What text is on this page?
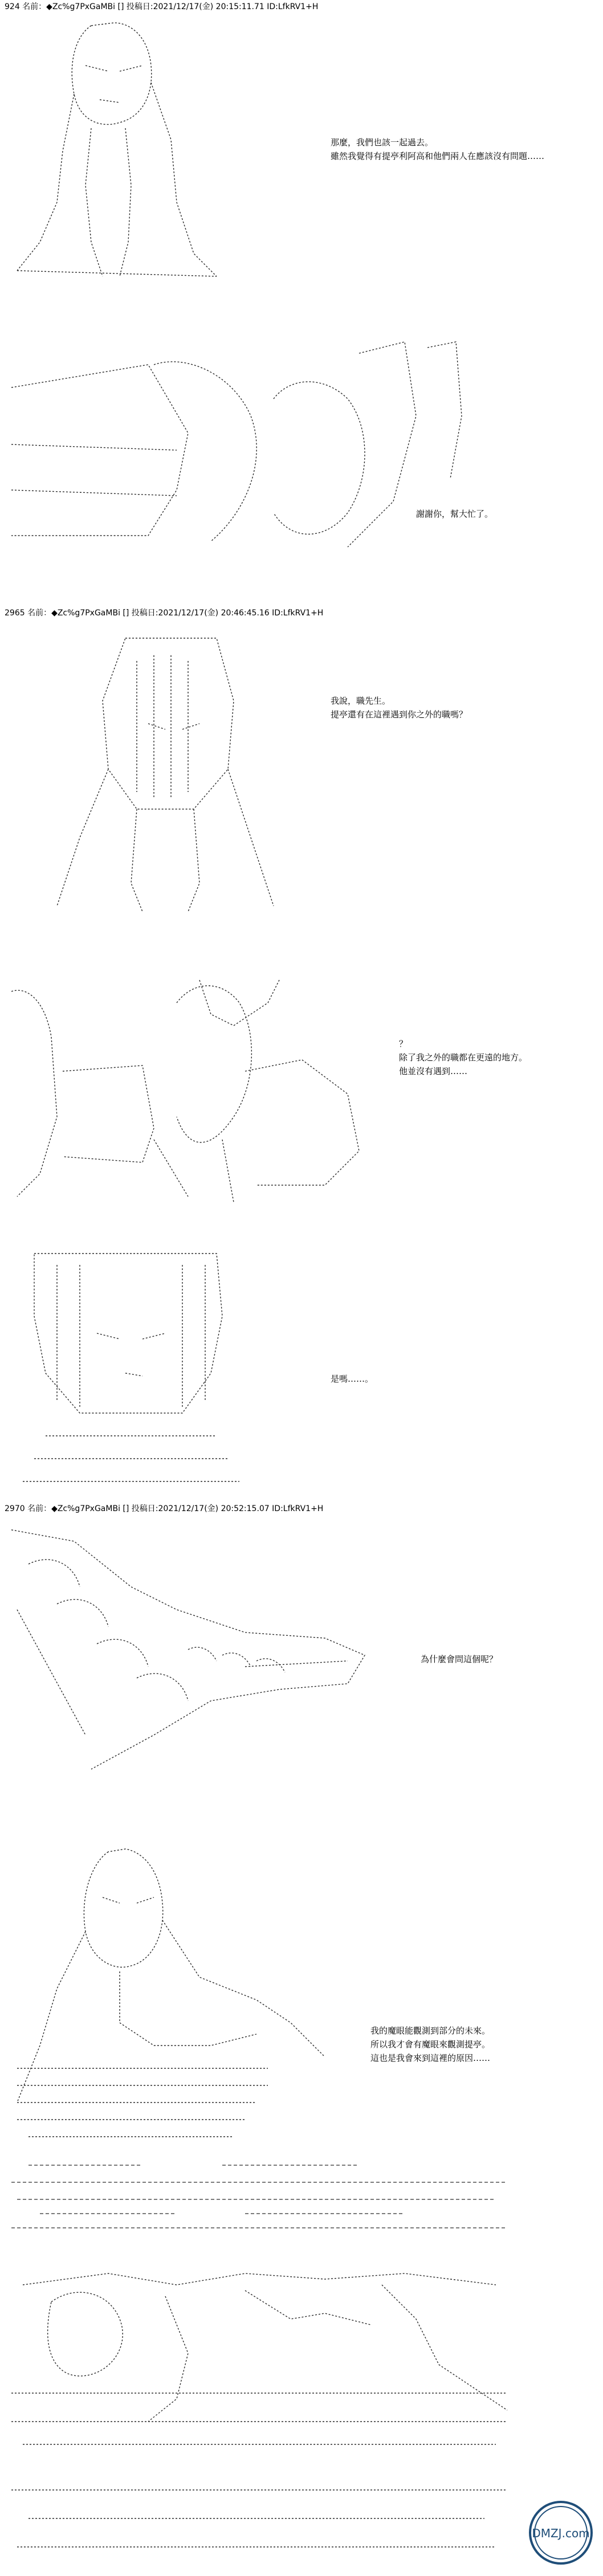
924 名前：◆Zc%g7PxGaMBi [] 投稿日:2021/12/17(金) 20:15:11.71 ID:LfkRV1+H
那麼，我們也該一起過去。
雖然我覺得有提亭利阿高和他們兩人在應該沒有問題……
謝謝你，幫大忙了。
2965 名前：◆Zc%g7PxGaMBi [] 投稿日:2021/12/17(金) 20:46:45.16 ID:LfkRV1+H
我說，職先生。
提亭還有在這裡遇到你之外的職嗎？
？
除了我之外的職都在更遠的地方。
他並沒有遇到……
是嗎……。
2970 名前：◆Zc%g7PxGaMBi [] 投稿日:2021/12/17(金) 20:52:15.07 ID:LfkRV1+H
為什麼會問這個呢？
我的魔眼能觀測到部分的未來。
所以我才會有魔眼來觀測提亭。
這也是我會來到這裡的原因……
DMZJ.com
